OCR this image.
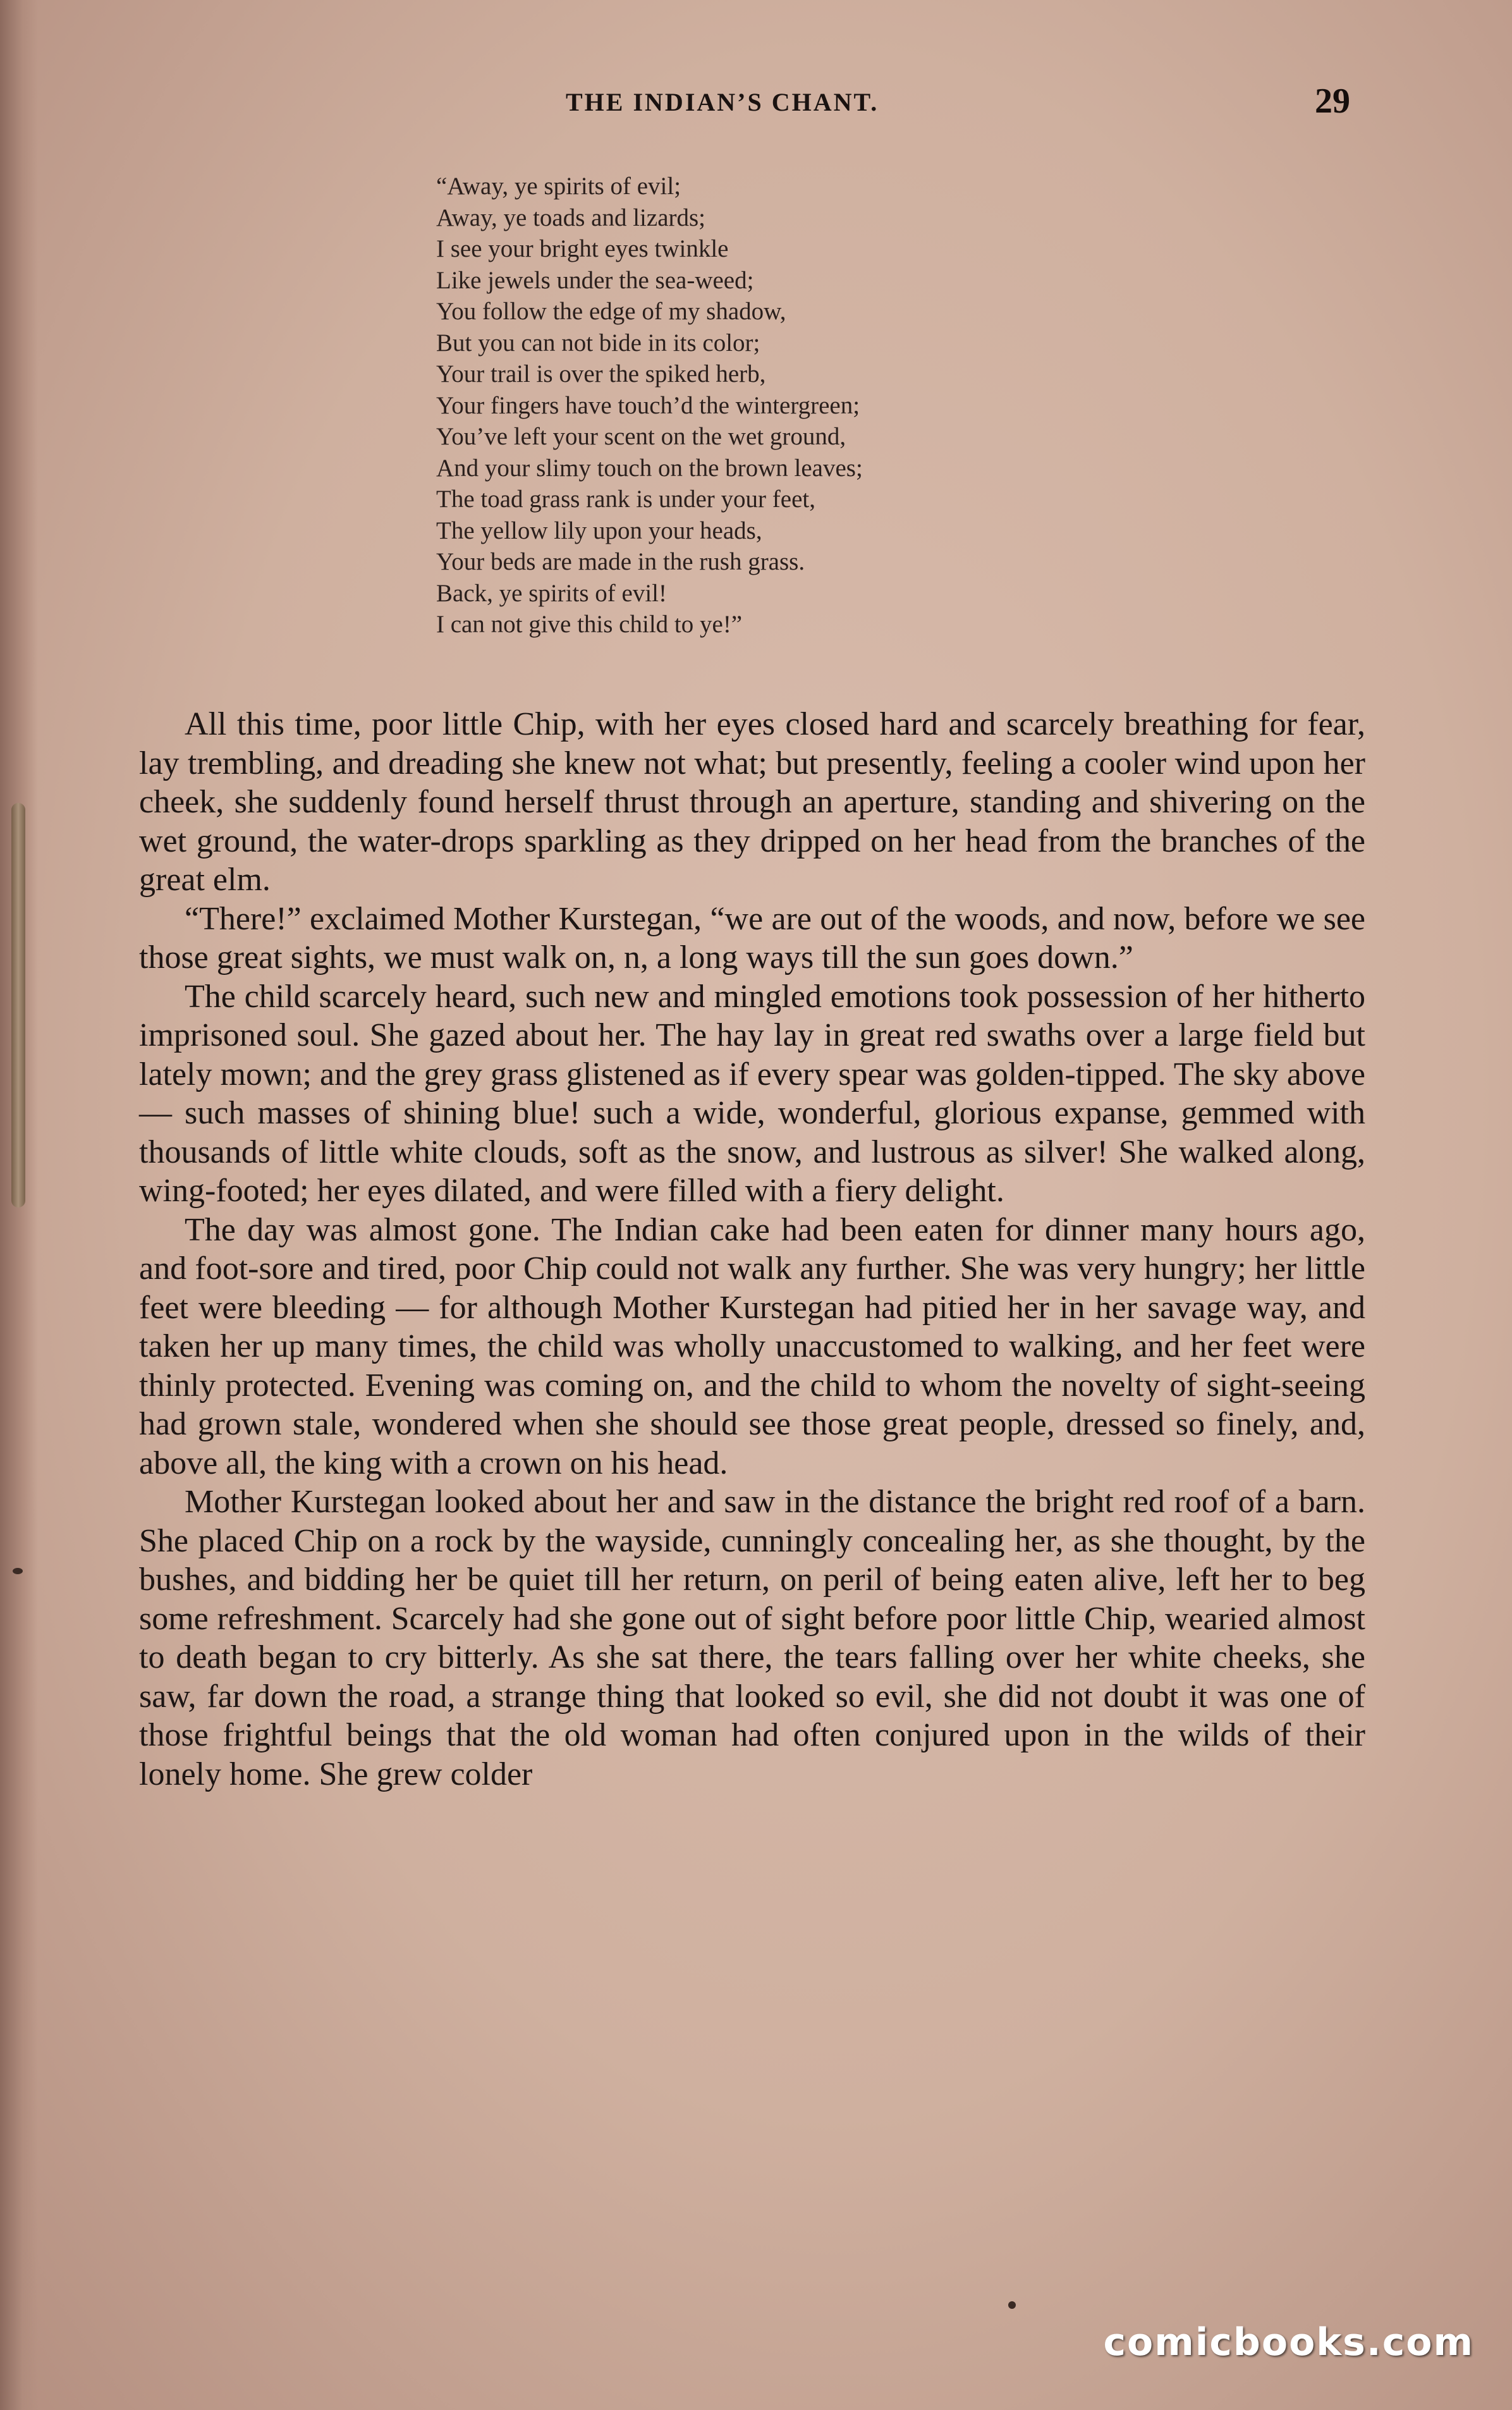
THE INDIAN’S CHANT.	29
“Away, ye spirits of evil;
Away, ye toads and lizards;
I see your bright eyes twinkle
Like jewels under the sea-weed;
You follow the edge of my shadow,
But you can not bide in its color;
Your trail is over the spiked herb,
Your fingers have touch’d the wintergreen;
You’ve left your scent on the wet ground,
And your slimy touch on the brown leaves;
The toad grass rank is under your feet,
The yellow lily upon your heads,
Your beds are made in the rush grass.
Back, ye spirits of evil!
I can not give this child to ye!”

All this time, poor little Chip, with her eyes closed hard and scarcely breathing for fear, lay trembling, and dreading she knew not what; but presently, feeling a cooler wind upon her cheek, she suddenly found herself thrust through an aperture, standing and shivering on the wet ground, the water-drops sparkling as they dripped on her head from the branches of the great elm.

“There!” exclaimed Mother Kurstegan, “we are out of the woods, and now, before we see those great sights, we must walk on, n, a long ways till the sun goes down.”

The child scarcely heard, such new and mingled emotions took possession of her hitherto imprisoned soul. She gazed about her. The hay lay in great red swaths over a large field but lately mown; and the grey grass glistened as if every spear was golden-tipped. The sky above — such masses of shining blue! such a wide, wonderful, glorious expanse, gemmed with thousands of little white clouds, soft as the snow, and lustrous as silver! She walked along, wing-footed; her eyes dilated, and were filled with a fiery delight.

The day was almost gone. The Indian cake had been eaten for dinner many hours ago, and foot-sore and tired, poor Chip could not walk any further. She was very hungry; her little feet were bleeding — for although Mother Kurstegan had pitied her in her savage way, and taken her up many times, the child was wholly unaccustomed to walking, and her feet were thinly protected. Evening was coming on, and the child to whom the novelty of sight-seeing had grown stale, wondered when she should see those great people, dressed so finely, and, above all, the king with a crown on his head.

Mother Kurstegan looked about her and saw in the distance the bright red roof of a barn. She placed Chip on a rock by the wayside, cunningly concealing her, as she thought, by the bushes, and bidding her be quiet till her return, on peril of being eaten alive, left her to beg some refreshment. Scarcely had she gone out of sight before poor little Chip, wearied almost to death began to cry bitterly. As she sat there, the tears falling over her white cheeks, she saw, far down the road, a strange thing that looked so evil, she did not doubt it was one of those frightful beings that the old woman had often conjured upon in the wilds of their lonely home. She grew colder

comicbooks.com
